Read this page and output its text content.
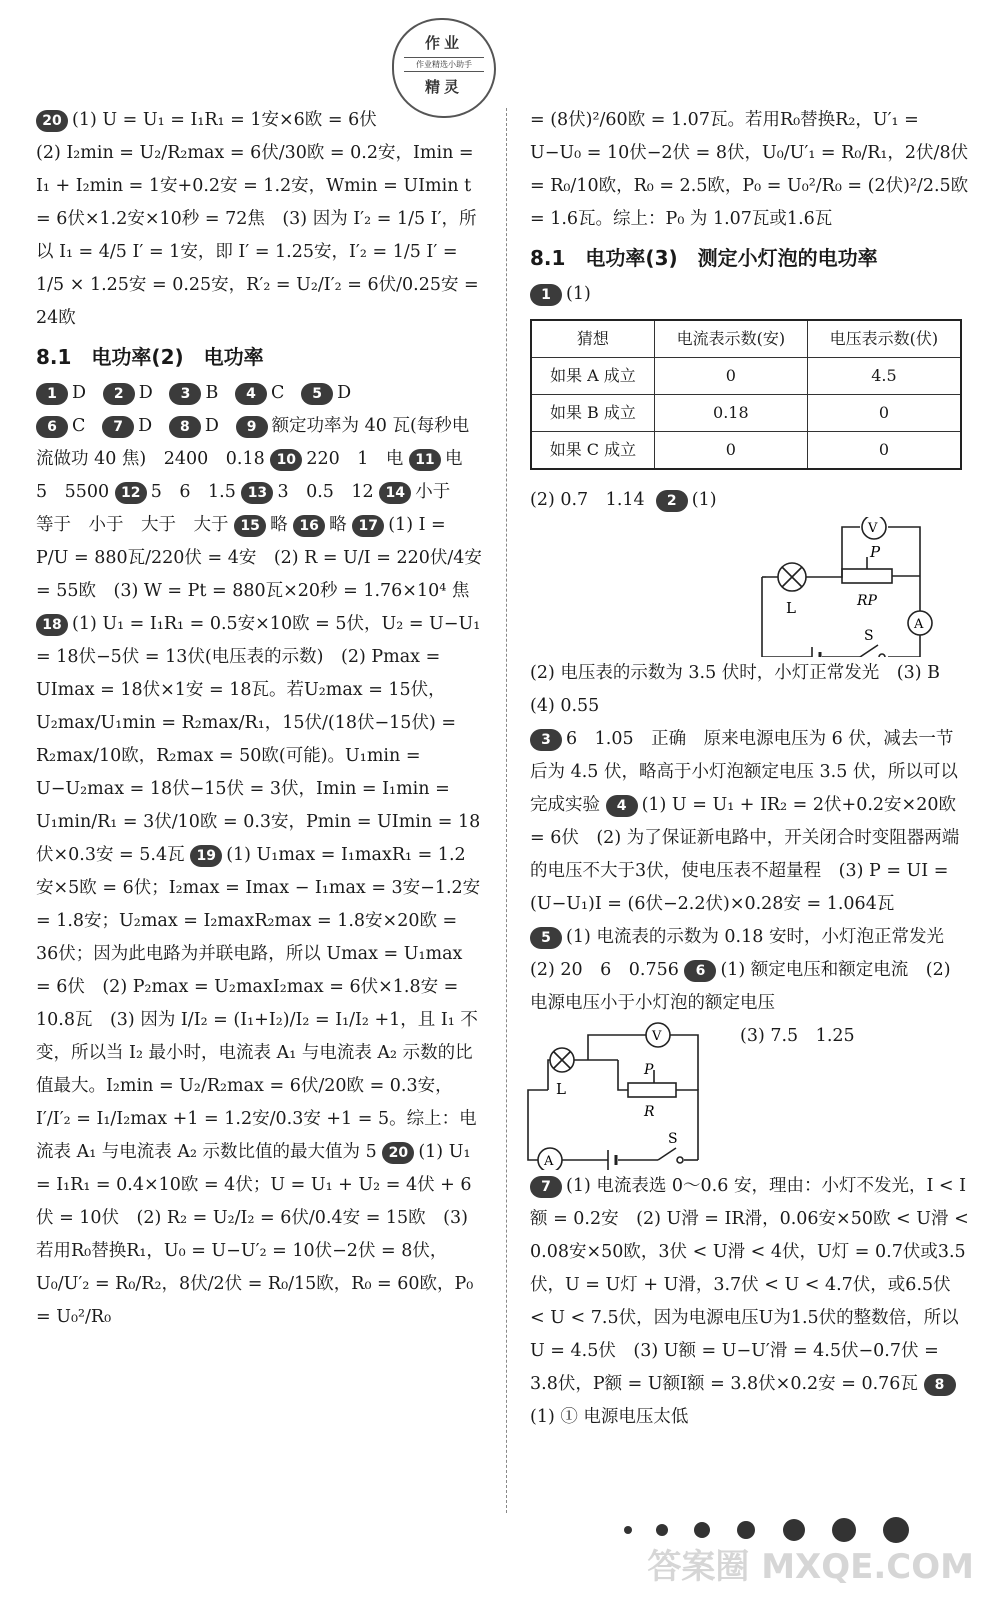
作业
作业精选小助手
精灵

20 (1) U = U₁ = I₁R₁ = 1安×6欧 = 6伏

(2) I₂min = U₂/R₂max = 6伏/30欧 = 0.2安，Imin = I₁ + I₂min = 1安+0.2安 = 1.2安，Wmin = UImin t = 6伏×1.2安×10秒 = 72焦　(3) 因为 I′₂ = 1/5 I′，所以 I₁ = 4/5 I′ = 1安，即 I′ = 1.25安，I′₂ = 1/5 I′ = 1/5 × 1.25安 = 0.25安，R′₂ = U₂/I′₂ = 6伏/0.25安 = 24欧

8.1　电功率(2)　电功率

1 D 2 D 3 B 4 C 5 D
6 C 7 D 8 D 9 额定功率为 40 瓦(每秒电流做功 40 焦)　2400　0.18 10 220　1　电 11 电　5　5500 12 5　6　1.5 13 3　0.5　12 14 小于　等于　小于　大于　大于 15 略 16 略 17 (1) I = P/U = 880瓦/220伏 = 4安　(2) R = U/I = 220伏/4安 = 55欧　(3) W = Pt = 880瓦×20秒 = 1.76×10⁴ 焦

18 (1) U₁ = I₁R₁ = 0.5安×10欧 = 5伏，U₂ = U−U₁ = 18伏−5伏 = 13伏(电压表的示数)　(2) Pmax = UImax = 18伏×1安 = 18瓦。若U₂max = 15伏，U₂max/U₁min = R₂max/R₁，15伏/(18伏−15伏) = R₂max/10欧，R₂max = 50欧(可能)。U₁min = U−U₂max = 18伏−15伏 = 3伏，Imin = I₁min = U₁min/R₁ = 3伏/10欧 = 0.3安，Pmin = UImin = 18伏×0.3安 = 5.4瓦 19 (1) U₁max = I₁maxR₁ = 1.2安×5欧 = 6伏；I₂max = Imax − I₁max = 3安−1.2安 = 1.8安；U₂max = I₂maxR₂max = 1.8安×20欧 = 36伏；因为此电路为并联电路，所以 Umax = U₁max = 6伏　(2) P₂max = U₂maxI₂max = 6伏×1.8安 = 10.8瓦　(3) 因为 I/I₂ = (I₁+I₂)/I₂ = I₁/I₂ +1，且 I₁ 不变，所以当 I₂ 最小时，电流表 A₁ 与电流表 A₂ 示数的比值最大。I₂min = U₂/R₂max = 6伏/20欧 = 0.3安，I′/I′₂ = I₁/I₂max +1 = 1.2安/0.3安 +1 = 5。综上：电流表 A₁ 与电流表 A₂ 示数比值的最大值为 5 20 (1) U₁ = I₁R₁ = 0.4×10欧 = 4伏；U = U₁ + U₂ = 4伏 + 6伏 = 10伏　(2) R₂ = U₂/I₂ = 6伏/0.4安 = 15欧　(3) 若用R₀替换R₁，U₀ = U−U′₂ = 10伏−2伏 = 8伏，U₀/U′₂ = R₀/R₂，8伏/2伏 = R₀/15欧，R₀ = 60欧，P₀ = U₀²/R₀

= (8伏)²/60欧 = 1.07瓦。若用R₀替换R₂，U′₁ = U−U₀ = 10伏−2伏 = 8伏，U₀/U′₁ = R₀/R₁，2伏/8伏 = R₀/10欧，R₀ = 2.5欧，P₀ = U₀²/R₀ = (2伏)²/2.5欧 = 1.6瓦。综上：P₀ 为 1.07瓦或1.6瓦

8.1　电功率(3)　测定小灯泡的电功率

1 (1)

猜想	电流表示数(安)	电压表示数(伏)
如果 A 成立	0	4.5
如果 B 成立	0.18	0
如果 C 成立	0	0

(2) 0.7　1.14 2 (1)

V
A
L
P
RP
S

(2) 电压表的示数为 3.5 伏时，小灯正常发光　(3) B　(4) 0.55

3 6　1.05　正确　原来电源电压为 6 伏，减去一节后为 4.5 伏，略高于小灯泡额定电压 3.5 伏，所以可以完成实验 4 (1) U = U₁ + IR₂ = 2伏+0.2安×20欧 = 6伏　(2) 为了保证新电路中，开关闭合时变阻器两端的电压不大于3伏，使电压表不超量程　(3) P = UI = (U−U₁)I = (6伏−2.2伏)×0.28安 = 1.064瓦

5 (1) 电流表的示数为 0.18 安时，小灯泡正常发光　(2) 20　6　0.756 6 (1) 额定电压和额定电流　(2) 电源电压小于小灯泡的额定电压

V
A
L
P
R
S
(3) 7.5　1.25

7 (1) 电流表选 0～0.6 安，理由：小灯不发光，I < I额 = 0.2安　(2) U滑 = IR滑，0.06安×50欧 < U滑 < 0.08安×50欧，3伏 < U滑 < 4伏，U灯 = 0.7伏或3.5伏，U = U灯 + U滑，3.7伏 < U < 4.7伏，或6.5伏 < U < 7.5伏，因为电源电压U为1.5伏的整数倍，所以U = 4.5伏　(3) U额 = U−U′滑 = 4.5伏−0.7伏 = 3.8伏，P额 = U额I额 = 3.8伏×0.2安 = 0.76瓦 8(1) ① 电源电压太低

答案圈 MXQE.COM
